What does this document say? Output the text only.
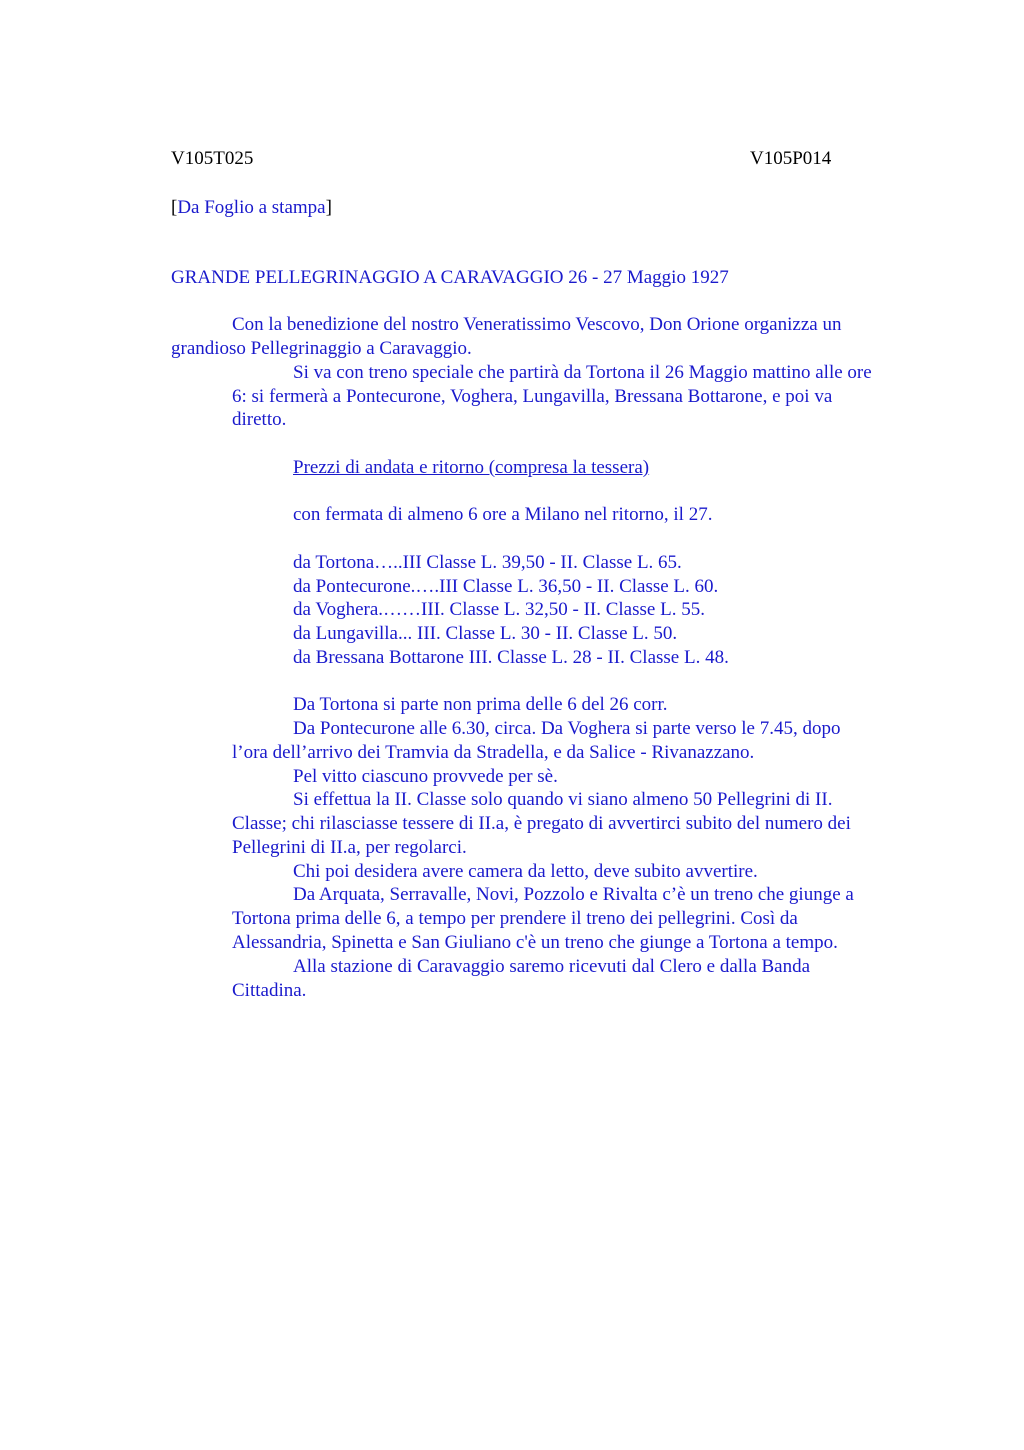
V105T025	V105P014
[Da Foglio a stampa]
GRANDE PELLEGRINAGGIO A CARAVAGGIO 26 - 27 Maggio 1927
Con la benedizione del nostro Veneratissimo Vescovo, Don Orione organizza un
grandioso Pellegrinaggio a Caravaggio.
Si va con treno speciale che partirà da Tortona il 26 Maggio mattino alle ore
6: si fermerà a Pontecurone, Voghera, Lungavilla, Bressana Bottarone, e poi va
diretto.
Prezzi di andata e ritorno (compresa la tessera)
con fermata di almeno 6 ore a Milano nel ritorno, il 27.
da Tortona…..III Classe L. 39,50 - II. Classe L. 65.
da Pontecurone.….III Classe L. 36,50 - II. Classe L. 60.
da Voghera.……III. Classe L. 32,50 - II. Classe L. 55.
da Lungavilla... III. Classe L. 30 - II. Classe L. 50.
da Bressana Bottarone III. Classe L. 28 - II. Classe L. 48.
Da Tortona si parte non prima delle 6 del 26 corr.
Da Pontecurone alle 6.30, circa. Da Voghera si parte verso le 7.45, dopo
l’ora dell’arrivo dei Tramvia da Stradella, e da Salice - Rivanazzano.
Pel vitto ciascuno provvede per sè.
Si effettua la II. Classe solo quando vi siano almeno 50 Pellegrini di II.
Classe; chi rilasciasse tessere di II.a, è pregato di avvertirci subito del numero dei
Pellegrini di II.a, per regolarci.
Chi poi desidera avere camera da letto, deve subito avvertire.
Da Arquata, Serravalle, Novi, Pozzolo e Rivalta c’è un treno che giunge a
Tortona prima delle 6, a tempo per prendere il treno dei pellegrini. Così da
Alessandria, Spinetta e San Giuliano c'è un treno che giunge a Tortona a tempo.
Alla stazione di Caravaggio saremo ricevuti dal Clero e dalla Banda
Cittadina.
